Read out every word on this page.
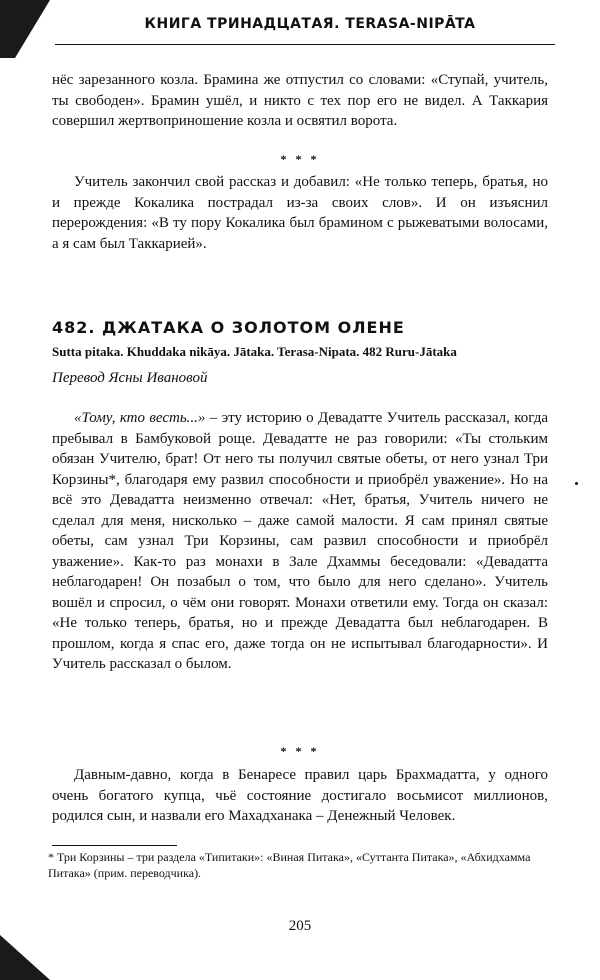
КНИГА ТРИНАДЦАТАЯ. TERASA-NIPĀTA

нёс зарезанного козла. Брамина же отпустил со словами: «Ступай, учитель, ты свободен». Брамин ушёл, и никто с тех пор его не видел. А Таккария совершил жертвоприношение козла и освятил ворота.

* * *

Учитель закончил свой рассказ и добавил: «Не только теперь, братья, но и прежде Кокалика пострадал из-за своих слов». И он изъяснил перерождения: «В ту пору Кокалика был брамином с рыжеватыми волосами, а я сам был Таккарией».

482. ДЖАТАКА О ЗОЛОТОМ ОЛЕНЕ

Sutta pitaka. Khuddaka nikāya. Jātaka. Terasa-Nipata. 482 Ruru-Jātaka

Перевод Ясны Ивановой

«Тому, кто весть...» – эту историю о Девадатте Учитель рассказал, когда пребывал в Бамбуковой роще. Девадатте не раз говорили: «Ты стольким обязан Учителю, брат! От него ты получил святые обеты, от него узнал Три Корзины*, благодаря ему развил способности и приобрёл уважение». Но на всё это Девадатта неизменно отвечал: «Нет, братья, Учитель ничего не сделал для меня, нисколько – даже самой малости. Я сам принял святые обеты, сам узнал Три Корзины, сам развил способности и приобрёл уважение». Как-то раз монахи в Зале Дхаммы беседовали: «Девадатта неблагодарен! Он позабыл о том, что было для него сделано». Учитель вошёл и спросил, о чём они говорят. Монахи ответили ему. Тогда он сказал: «Не только теперь, братья, но и прежде Девадатта был неблагодарен. В прошлом, когда я спас его, даже тогда он не испытывал благодарности». И Учитель рассказал о былом.

* * *

Давным-давно, когда в Бенаресе правил царь Брахмадатта, у одного очень богатого купца, чьё состояние достигало восьмисот миллионов, родился сын, и назвали его Махадханака – Денежный Человек.

* Три Корзины – три раздела «Типитаки»: «Виная Питака», «Суттанта Питака», «Абхидхамма Питака» (прим. переводчика).

205
